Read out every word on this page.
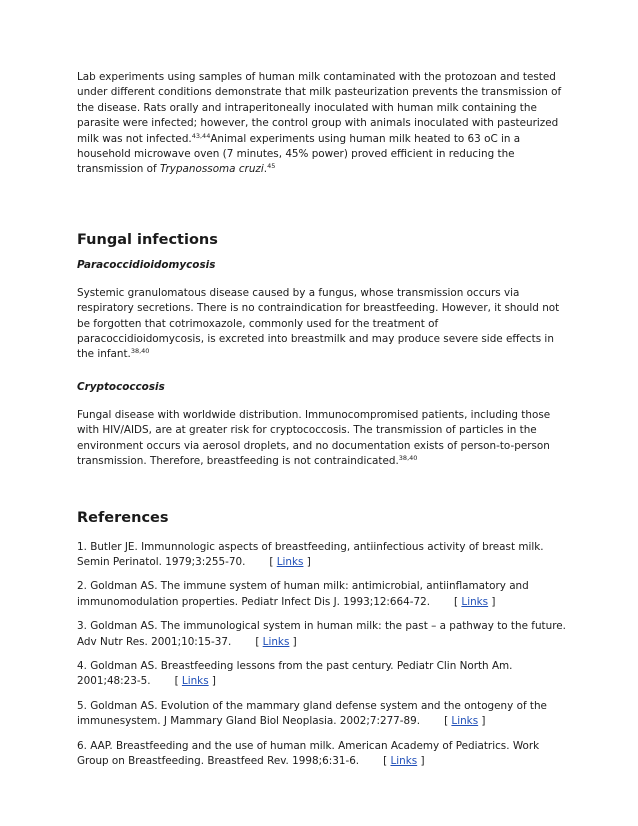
Lab experiments using samples of human milk contaminated with the protozoan and tested under different conditions demonstrate that milk pasteurization prevents the transmission of the disease. Rats orally and intraperitoneally inoculated with human milk containing the parasite were infected; however, the control group with animals inoculated with pasteurized milk was not infected.$^{43,44}$Animal experiments using human milk heated to 63 oC in a household microwave oven (7 minutes, 45% power) proved efficient in reducing the transmission of Trypanossoma cruzi.$^{45}$

Fungal infections

Paracoccidioidomycosis

Systemic granulomatous disease caused by a fungus, whose transmission occurs via respiratory secretions. There is no contraindication for breastfeeding. However, it should not be forgotten that cotrimoxazole, commonly used for the treatment of paracoccidioidomycosis, is excreted into breastmilk and may produce severe side effects in the infant.$^{38,40}$

Cryptococcosis

Fungal disease with worldwide distribution. Immunocompromised patients, including those with HIV/AIDS, are at greater risk for cryptococcosis. The transmission of particles in the environment occurs via aerosol droplets, and no documentation exists of person-to-person transmission. Therefore, breastfeeding is not contraindicated.$^{38,40}$

References

1. Butler JE. Immunnologic aspects of breastfeeding, antiinfectious activity of breast milk. Semin Perinatol. 1979;3:255-70. [ Links ]

2. Goldman AS. The immune system of human milk: antimicrobial, antiinflamatory and immunomodulation properties. Pediatr Infect Dis J. 1993;12:664-72. [ Links ]

3. Goldman AS. The immunological system in human milk: the past – a pathway to the future. Adv Nutr Res. 2001;10:15-37. [ Links ]

4. Goldman AS. Breastfeeding lessons from the past century. Pediatr Clin North Am. 2001;48:23-5. [ Links ]

5. Goldman AS. Evolution of the mammary gland defense system and the ontogeny of the immunesystem. J Mammary Gland Biol Neoplasia. 2002;7:277-89. [ Links ]

6. AAP. Breastfeeding and the use of human milk. American Academy of Pediatrics. Work Group on Breastfeeding. Breastfeed Rev. 1998;6:31-6. [ Links ]
